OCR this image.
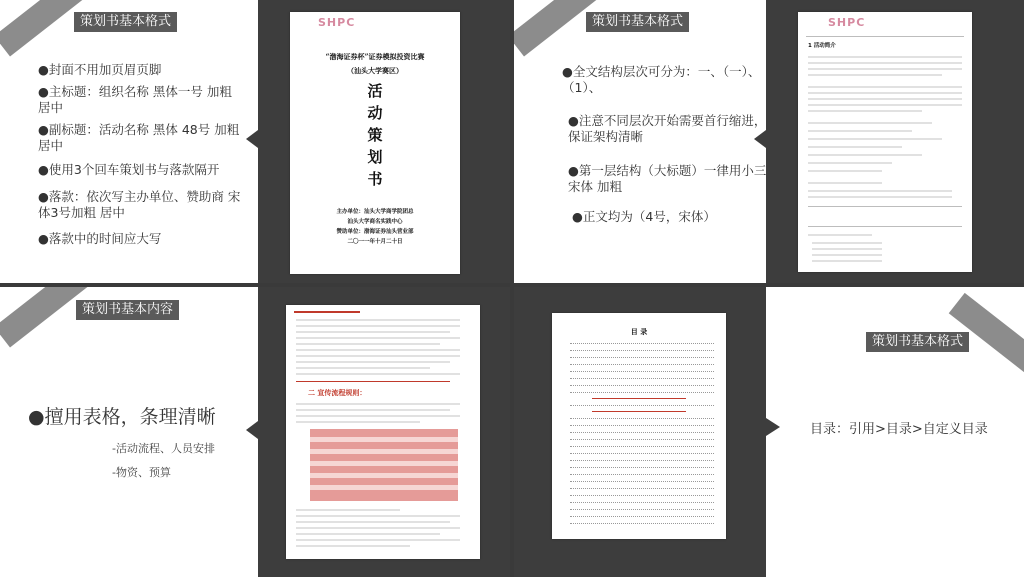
策划书基本格式
●封面不用加页眉页脚
●主标题：组织名称 黑体一号 加粗居中
●副标题：活动名称 黑体 48号 加粗居中
●使用3个回车策划书与落款隔开
●落款：依次写主办单位、赞助商 宋体3号加粗 居中
●落款中的时间应大写
SHPC
“渤海证券杯”证券模拟投资比赛
（汕头大学赛区）
活
动
策
划
书
主办单位：汕头大学商学院团总
汕头大学商名实践中心
赞助单位：渤海证券汕头营业部
二〇一一年十月二十日
策划书基本格式
●全文结构层次可分为：一、（一）、（1）、
●注意不同层次开始需要首行缩进，保证架构清晰
●第一层结构（大标题）一律用小三 宋体 加粗
●正文均为（4号，宋体）
SHPC
1 活动简介
策划书基本内容
●擅用表格，条理清晰
-活动流程、人员安排
-物资、预算
二 宣传流程规则：
目 录
策划书基本格式
目录：引用>目录>自定义目录
